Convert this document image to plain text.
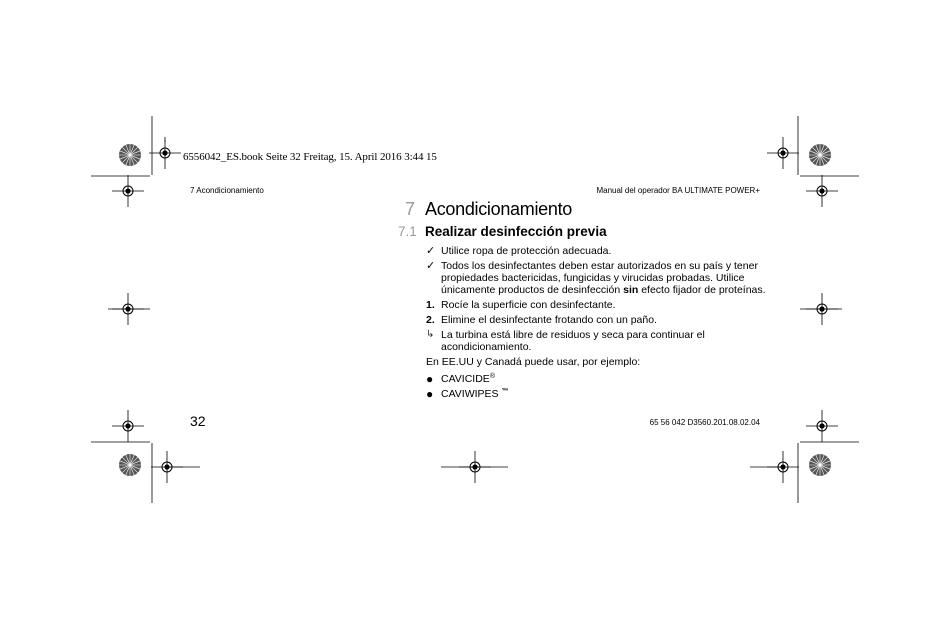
6556042_ES.book Seite 32 Freitag, 15. April 2016 3:44 15
7 Acondicionamiento	Manual del operador BA ULTIMATE POWER+
7 Acondicionamiento
7.1 Realizar desinfección previa
✓ Utilice ropa de protección adecuada.
✓ Todos los desinfectantes deben estar autorizados en su país y tener propiedades bactericidas, fungicidas y virucidas probadas. Utilice únicamente productos de desinfección sin efecto fijador de proteínas.
1. Rocíe la superficie con desinfectante.
2. Elimine el desinfectante frotando con un paño.
↳ La turbina está libre de residuos y seca para continuar el acondicionamiento.
En EE.UU y Canadá puede usar, por ejemplo:
● CAVICIDE®
● CAVIWIPES ™
32	65 56 042 D3560.201.08.02.04
